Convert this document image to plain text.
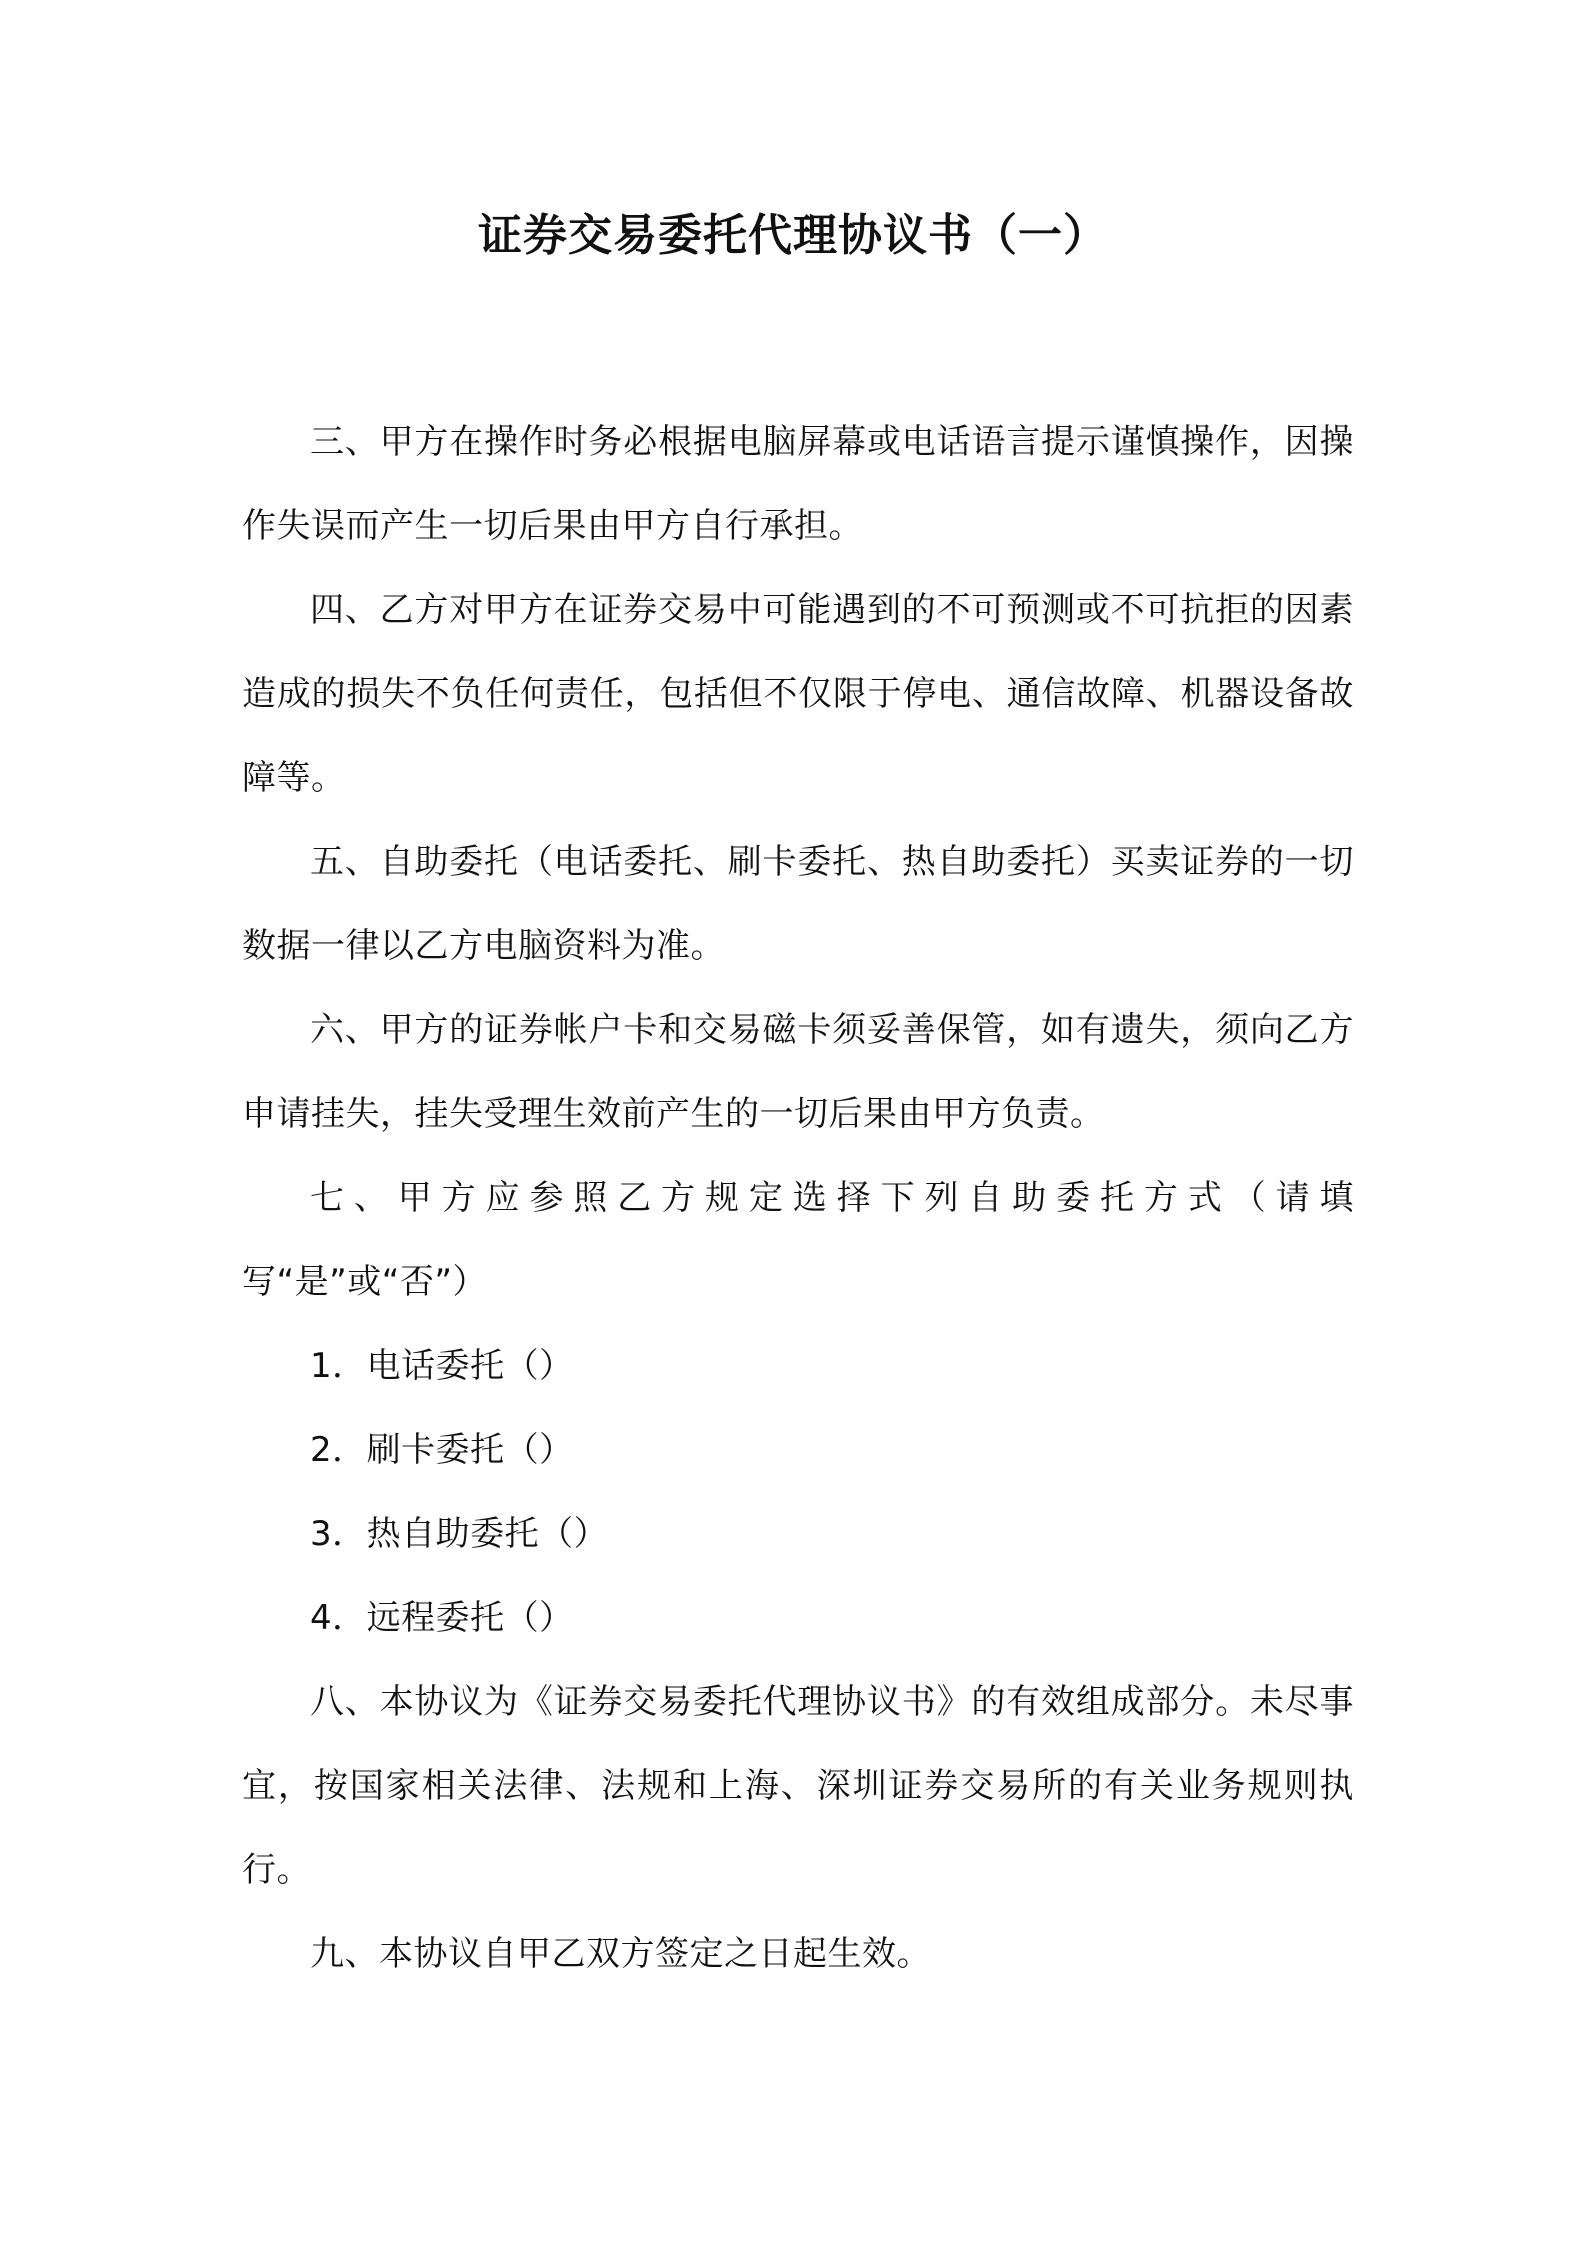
证券交易委托代理协议书（一）

三、甲方在操作时务必根据电脑屏幕或电话语言提示谨慎操作，因操作失误而产生一切后果由甲方自行承担。

四、乙方对甲方在证券交易中可能遇到的不可预测或不可抗拒的因素造成的损失不负任何责任，包括但不仅限于停电、通信故障、机器设备故障等。

五、自助委托（电话委托、刷卡委托、热自助委托）买卖证券的一切数据一律以乙方电脑资料为准。

六、甲方的证券帐户卡和交易磁卡须妥善保管，如有遗失，须向乙方申请挂失，挂失受理生效前产生的一切后果由甲方负责。

七、甲方应参照乙方规定选择下列自助委托方式（请填写“是”或“否”）

1．电话委托（）

2．刷卡委托（）

3．热自助委托（）

4．远程委托（）

八、本协议为《证券交易委托代理协议书》的有效组成部分。未尽事宜，按国家相关法律、法规和上海、深圳证券交易所的有关业务规则执行。

九、本协议自甲乙双方签定之日起生效。
